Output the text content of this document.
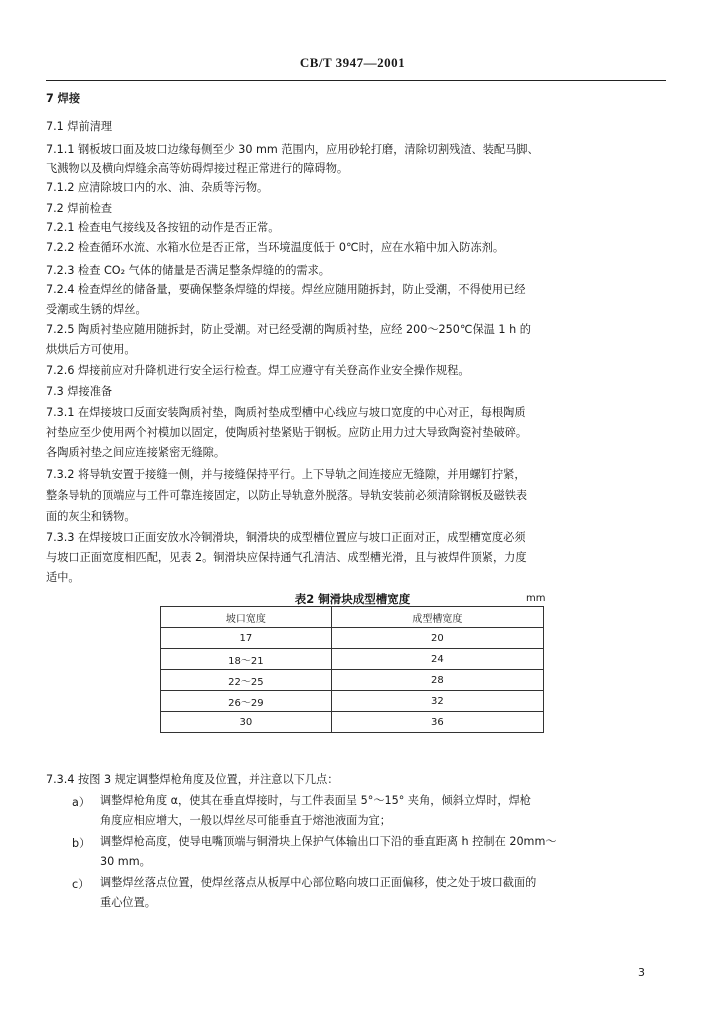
CB/T 3947—2001
7 焊接
7.1 焊前清理
7.1.1 钢板坡口面及坡口边缘每侧至少 30 mm 范围内，应用砂轮打磨，清除切割残渣、装配马脚、
飞溅物以及横向焊缝余高等妨碍焊接过程正常进行的障碍物。
7.1.2 应清除坡口内的水、油、杂质等污物。
7.2 焊前检查
7.2.1 检查电气接线及各按钮的动作是否正常。
7.2.2 检查循环水流、水箱水位是否正常，当环境温度低于 0℃时，应在水箱中加入防冻剂。
7.2.3 检查 CO₂ 气体的储量是否满足整条焊缝的的需求。
7.2.4 检查焊丝的储备量，要确保整条焊缝的焊接。焊丝应随用随拆封，防止受潮，不得使用已经
受潮或生锈的焊丝。
7.2.5 陶质衬垫应随用随拆封，防止受潮。对已经受潮的陶质衬垫，应经 200～250℃保温 1 h 的
烘烘后方可使用。
7.2.6 焊接前应对升降机进行安全运行检查。焊工应遵守有关登高作业安全操作规程。
7.3 焊接准备
7.3.1 在焊接坡口反面安装陶质衬垫，陶质衬垫成型槽中心线应与坡口宽度的中心对正，每根陶质
衬垫应至少使用两个衬模加以固定，使陶质衬垫紧贴于钢板。应防止用力过大导致陶瓷衬垫破碎。
各陶质衬垫之间应连接紧密无缝隙。
7.3.2 将导轨安置于接缝一侧，并与接缝保持平行。上下导轨之间连接应无缝隙，并用螺钉拧紧，
整条导轨的顶端应与工件可靠连接固定，以防止导轨意外脱落。导轨安装前必须清除钢板及磁铁表
面的灰尘和锈物。
7.3.3 在焊接坡口正面安放水冷铜滑块，铜滑块的成型槽位置应与坡口正面对正，成型槽宽度必须
与坡口正面宽度相匹配，见表 2。铜滑块应保持通气孔清洁、成型槽光滑，且与被焊件顶紧，力度
适中。
表2 铜滑块成型槽宽度	mm
坡口宽度	成型槽宽度
17	20
18～21	24
22～25	28
26～29	32
30	36
7.3.4 按图 3 规定调整焊枪角度及位置，并注意以下几点：
a） 调整焊枪角度 α，使其在垂直焊接时，与工件表面呈 5°～15° 夹角，倾斜立焊时，焊枪
角度应相应增大，一般以焊丝尽可能垂直于熔池液面为宜；
b） 调整焊枪高度，使导电嘴顶端与铜滑块上保护气体输出口下沿的垂直距离 h 控制在 20mm～
30 mm。
c） 调整焊丝落点位置，使焊丝落点从板厚中心部位略向坡口正面偏移，使之处于坡口截面的
重心位置。
3
